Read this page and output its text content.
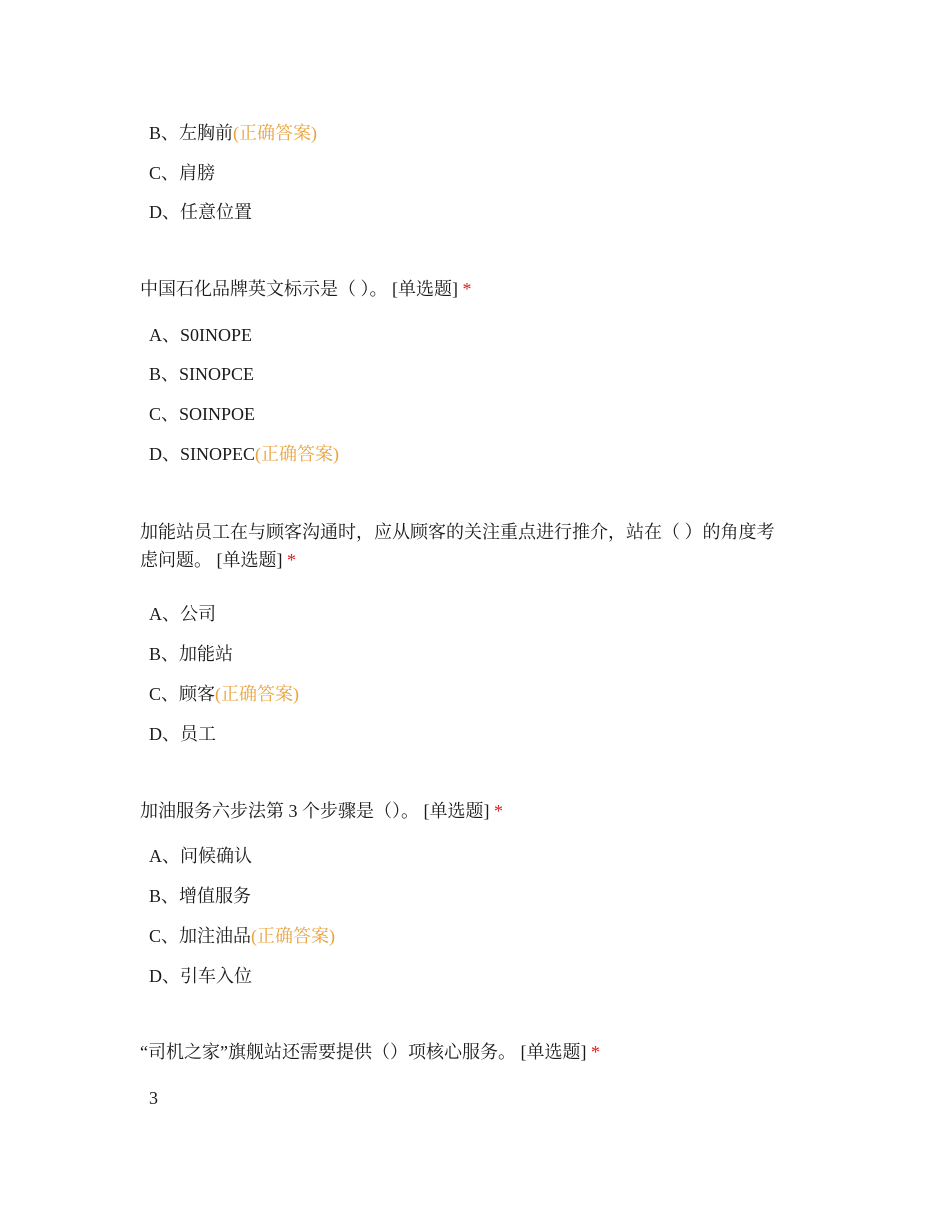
B、左胸前(正确答案)
C、肩膀
D、任意位置
中国石化品牌英文标示是（ ）。 [单选题] *
A、S0INOPE
B、SINOPCE
C、SOINPOE
D、SINOPEC(正确答案)
加能站员工在与顾客沟通时，应从顾客的关注重点进行推介，站在（ ）的角度考
虑问题。 [单选题] *
A、公司
B、加能站
C、顾客(正确答案)
D、员工
加油服务六步法第 3 个步骤是（）。 [单选题] *
A、问候确认
B、增值服务
C、加注油品(正确答案)
D、引车入位
“司机之家”旗舰站还需要提供（）项核心服务。 [单选题] *
3
